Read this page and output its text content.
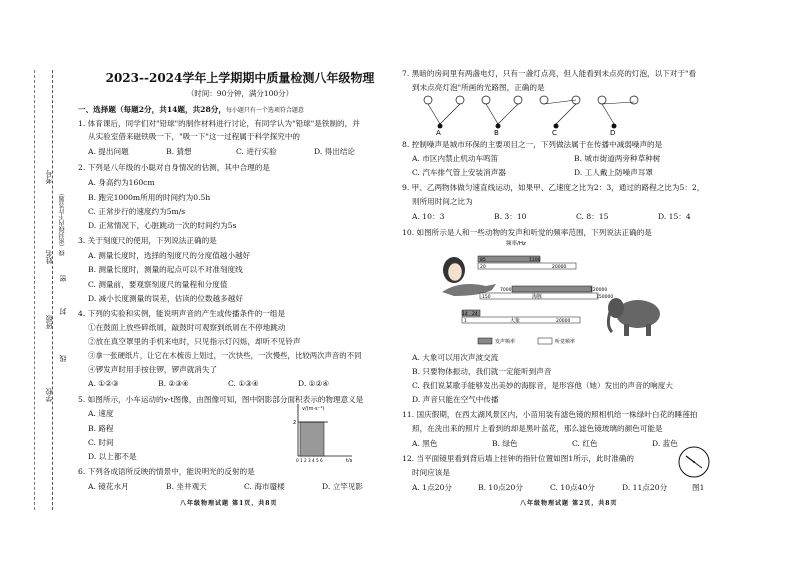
考号
线（密封线内不许答题）
姓名
密
班级
封
线
学校
2023--2024学年上学期期中质量检测八年级物理
（时间：90分钟，满分100分）
一、选择题（每题2分，共14题，共28分，每小题只有一个选项符合题意
1. 体育课后，同学们对"铅球"的制作材料进行讨论，有同学认为"铅球"是铁制的，并
从实验室借来磁铁吸一下，"吸一下"这一过程属于科学探究中的
A. 提出问题	B. 猜想	C. 进行实验	D. 得出结论
2. 下列是八年级的小聪对自身情况的估测，其中合理的是
A. 身高约为160cm
B. 跑完1000m所用的时间约为0.5h
C. 正常步行的速度约为5m/s
D. 正常情况下，心脏跳动一次的时间约为5s
3. 关于刻度尺的使用，下列说法正确的是
A. 测量长度时，选择的刻度尺的分度值越小越好
B. 测量长度时，测量的起点可以不对准刻度线
C. 测量前，要观察刻度尺的量程和分度值
D. 减小长度测量的误差，估读的位数越多越好
4. 下列的实验和实例，能说明声音的产生或传播条件的一组是
①在鼓面上放些碎纸屑，敲鼓时可观察到纸屑在不停地跳动
②放在真空罩里的手机来电时，只见指示灯闪烁，却听不见铃声
③拿一张硬纸片，让它在木梳齿上划过，一次快些，一次慢些，比较两次声音的不同
④锣发声时用手按住锣，锣声就消失了
A. ①②③	B. ②③④	C. ①③④	D. ①②④
5. 如图所示，小车运动的v-t图像，由图像可知，图中阴影部分面积表示的物理意义是
A. 速度
B. 路程
C. 时间
D. 以上都不是
v/(m·s⁻¹)
t/s
2
0 1 2 3 4 5 6
6. 下列各成语所反映的情景中，能说明光的反射的是
A. 镜花水月	B. 坐井观天	C. 海市蜃楼	D. 立竿见影
八年级物理试题 第1页，共8页
7. 黑暗的房间里有两盏电灯，只有一盏灯点亮，但人能看到未点亮的灯泡，以下对于"看
到未点亮灯泡"所画的光路图，正确的是
A	B	C	D
8. 控制噪声是城市环保的主要项目之一，下列做法属于在传播中减弱噪声的是
A. 市区内禁止机动车鸣笛	B. 城市街道两旁种草种树
C. 汽车排气管上安装消声器	D. 工人戴上防噪声耳罩
9. 甲、乙两物体做匀速直线运动，如果甲、乙速度之比为2：3，通过的路程之比为5：2，
则所用时间之比为
A. 10：3	B. 3：10	C. 8：15	D. 15：4
10. 如图所示是人和一些动物的发声和听觉的频率范围，下列说法正确的是
频率/Hz
85	1100
人
20	20000
7000	120000
150	海豚	150000
14 24
1	大象	20000
发声频率	听觉频率
A. 大象可以用次声波交流
B. 只要物体振动，我们就一定能听到声音
C. 我们说某歌手能够发出美妙的海豚音，是形容他（她）发出的声音的响度大
D. 声音只能在空气中传播
11. 国庆假期，在西太湖风景区内，小苗用装有滤色镜的照相机给一株绿叶白花的睡莲拍
照，在洗出来的照片上看到的却是黑叶蓝花，那么滤色镜玻璃的颜色可能是
A. 黑色	B. 绿色	C. 红色	D. 蓝色
12. 当平面镜里看到背后墙上挂钟的指针位置如图1所示，此时准确的
时间应该是
A. 1点20分	B. 10点20分	C. 10点40分	D. 11点20分	图1
八年级物理试题 第2页，共8页
